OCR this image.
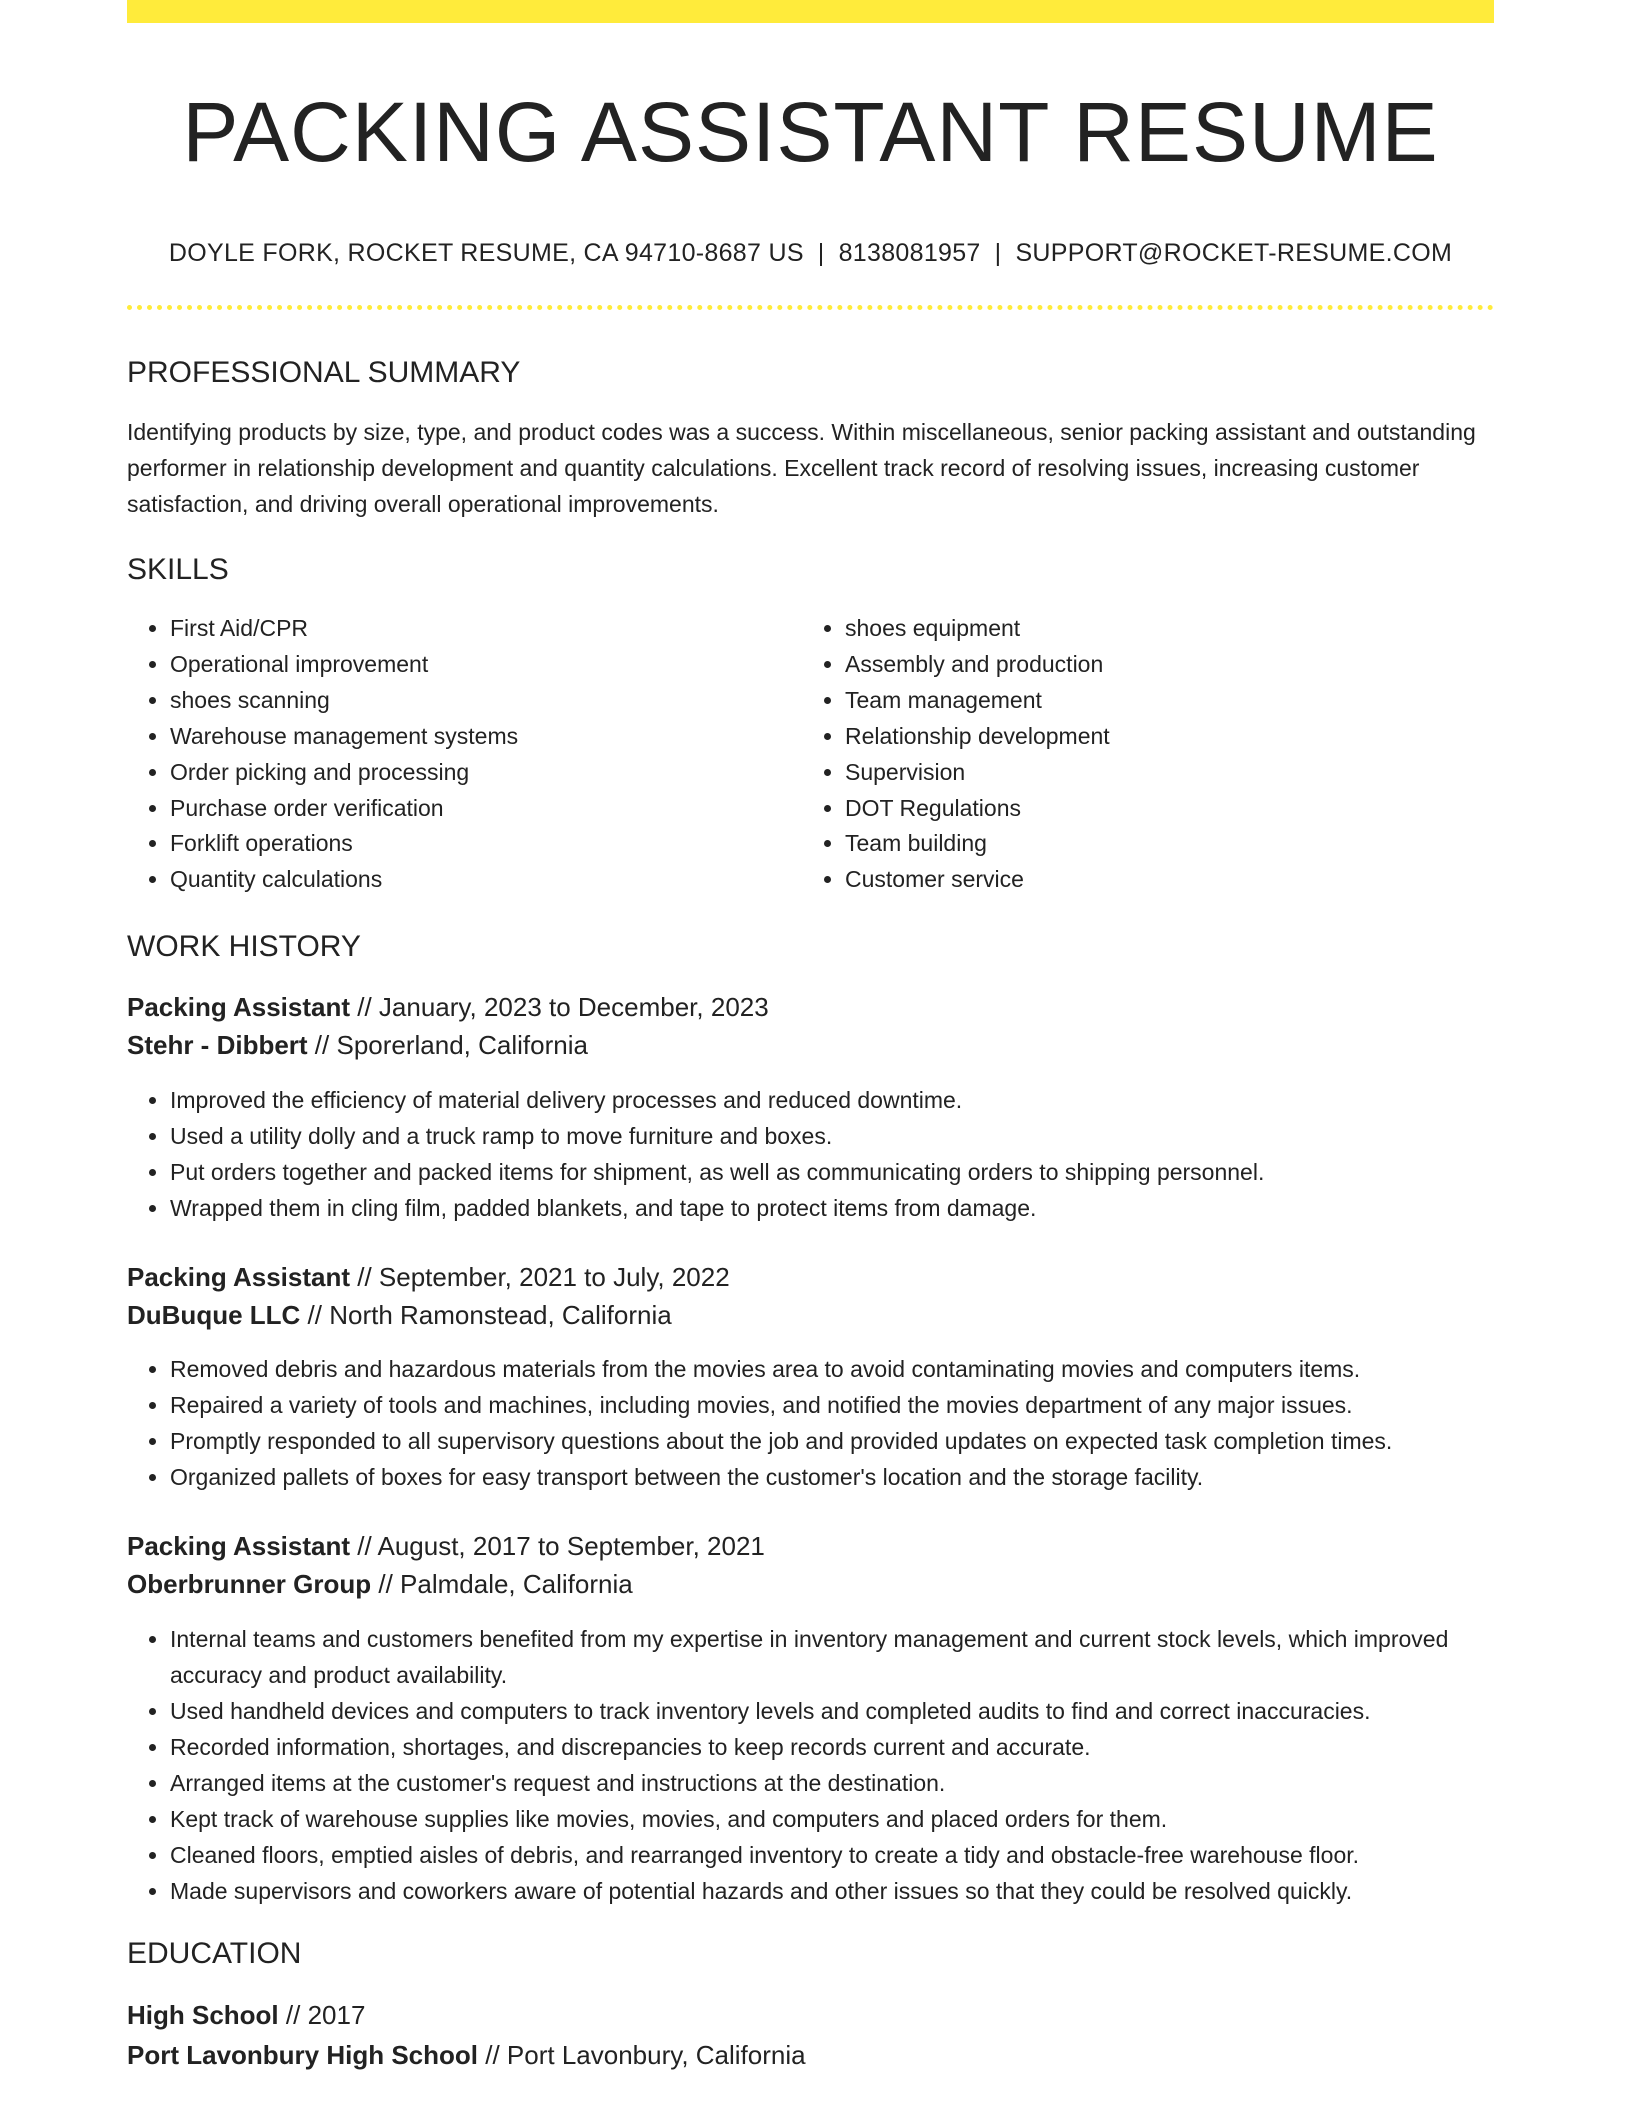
PACKING ASSISTANT RESUME
DOYLE FORK, ROCKET RESUME, CA 94710-8687 US | 8138081957 | SUPPORT@ROCKET-RESUME.COM
PROFESSIONAL SUMMARY

Identifying products by size, type, and product codes was a success. Within miscellaneous, senior packing assistant and outstanding performer in relationship development and quantity calculations. Excellent track record of resolving issues, increasing customer satisfaction, and driving overall operational improvements.

SKILLS
• First Aid/CPR
• Operational improvement
• shoes scanning
• Warehouse management systems
• Order picking and processing
• Purchase order verification
• Forklift operations
• Quantity calculations
• shoes equipment
• Assembly and production
• Team management
• Relationship development
• Supervision
• DOT Regulations
• Team building
• Customer service
WORK HISTORY
Packing Assistant // January, 2023 to December, 2023
Stehr - Dibbert // Sporerland, California
• Improved the efficiency of material delivery processes and reduced downtime.
• Used a utility dolly and a truck ramp to move furniture and boxes.
• Put orders together and packed items for shipment, as well as communicating orders to shipping personnel.
• Wrapped them in cling film, padded blankets, and tape to protect items from damage.
Packing Assistant // September, 2021 to July, 2022
DuBuque LLC // North Ramonstead, California
• Removed debris and hazardous materials from the movies area to avoid contaminating movies and computers items.
• Repaired a variety of tools and machines, including movies, and notified the movies department of any major issues.
• Promptly responded to all supervisory questions about the job and provided updates on expected task completion times.
• Organized pallets of boxes for easy transport between the customer's location and the storage facility.
Packing Assistant // August, 2017 to September, 2021
Oberbrunner Group // Palmdale, California
• Internal teams and customers benefited from my expertise in inventory management and current stock levels, which improved accuracy and product availability.
• Used handheld devices and computers to track inventory levels and completed audits to find and correct inaccuracies.
• Recorded information, shortages, and discrepancies to keep records current and accurate.
• Arranged items at the customer's request and instructions at the destination.
• Kept track of warehouse supplies like movies, movies, and computers and placed orders for them.
• Cleaned floors, emptied aisles of debris, and rearranged inventory to create a tidy and obstacle-free warehouse floor.
• Made supervisors and coworkers aware of potential hazards and other issues so that they could be resolved quickly.
EDUCATION
High School // 2017
Port Lavonbury High School // Port Lavonbury, California
